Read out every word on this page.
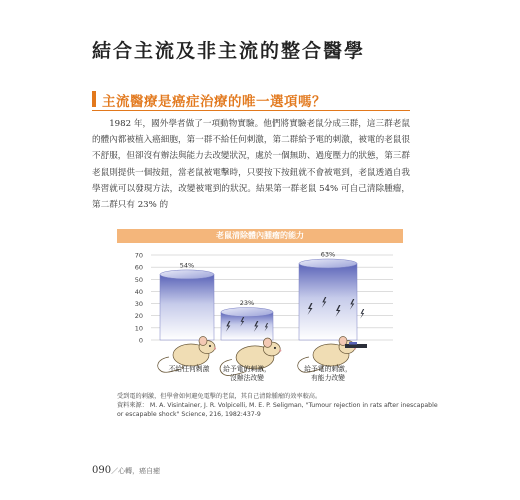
結合主流及非主流的整合醫學
主流醫療是癌症治療的唯一選項嗎？

1982 年，國外學者做了一項動物實驗。他們將實驗老鼠分成三群，這三群老鼠的體內都被植入癌細胞，第一群不給任何刺激，第二群給予電的刺激，被電的老鼠很不舒服，但卻沒有辦法與能力去改變狀況，處於一個無助、過度壓力的狀態，第三群老鼠則提供一個按鈕，當老鼠被電擊時，只要按下按鈕就不會被電到，老鼠透過自我學習就可以發現方法，改變被電到的狀況。結果第一群老鼠 54% 可自己清除腫瘤，第二群只有 23% 的

老鼠清除體內腫瘤的能力
0
10
20
30
40
50
60
70
54%
不給任何刺激
23%
給予電的刺激，
沒辦法改變
63%
給予電的刺激，
有能力改變
受到電的刺激，但學會如何避免電擊的老鼠，其自己清除腫瘤的效率較高。
資料來源： M. A. Visintainer, J. R. Volpicelli, M. E. P. Seligman, "Tumour rejection in rats after inescapable
or escapable shock" Science, 216, 1982:437-9
090／心轉，癌自癒
